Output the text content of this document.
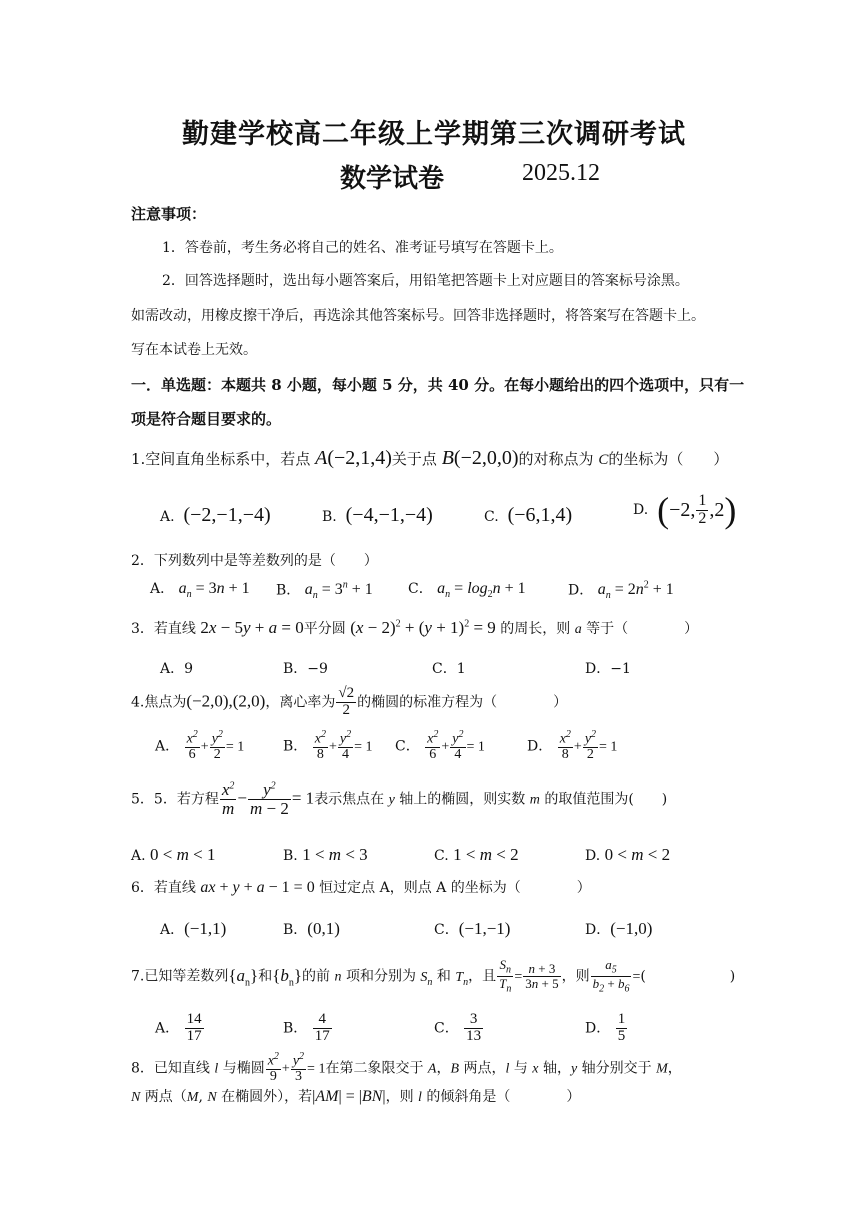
勤建学校高二年级上学期第三次调研考试
数学试卷	2025.12
注意事项：
1．答卷前，考生务必将自己的姓名、准考证号填写在答题卡上。
2．回答选择题时，选出每小题答案后，用铅笔把答题卡上对应题目的答案标号涂黑。
如需改动，用橡皮擦干净后，再选涂其他答案标号。回答非选择题时，将答案写在答题卡上。
写在本试卷上无效。
一．单选题：本题共 8 小题，每小题 5 分，共 40 分。在每小题给出的四个选项中，只有一
项是符合题目要求的。
1.空间直角坐标系中，若点 A(−2,1,4)关于点 B(−2,0,0)的对称点为 C的坐标为（　　）
A.  (−2,−1,−4)	B.  (−4,−1,−4)	C.  (−6,1,4)	D.  (−2, $\frac{1}{2} ,2$)
2．下列数列中是等差数列的是（　　）
A． $a_n = 3n + 1$ B． $a_n = 3^n + 1$	C． $a_n = \log_2n + 1$	D． $a_n = 2n^2 + 1$
3．若直线 2x − 5y + a = 0平分圆 $(x - 2)^2 + (y + 1)^2 = 9$ 的周长，则 a 等于（　　　　）
A．9	B．−9	C．1	D．−1
4.焦点为(−2,0),(2,0)，离心率为 $\frac{√2}{2}$ 的椭圆的标准方程为（　　　　）
A． $\frac{x^2}{6} + \frac{y^2}{2} = 1$	B． $\frac{x^2}{8} + \frac{y^2}{4} = 1$ C． $\frac{x^2}{6} + \frac{y^2}{4} = 1$	D． $\frac{x^2}{8} + \frac{y^2}{2} = 1$
5．5．若方程 $\frac{x^2}{m} - \frac{y^2}{m - 2} = 1$表示焦点在 y 轴上的椭圆，则实数 m 的取值范围为(　　)
A. 0 < m < 1	B. 1 < m < 3	C. 1 < m < 2	D. 0 < m < 2
6．若直线 ax + y + a − 1 = 0 恒过定点 A，则点 A 的坐标为（　　　　）
A．(−1,1)	B．(0,1)	C．(−1,−1)	D．(−1,0)
7.已知等差数列$\{a_n\}$和$\{b_n\}$的前 n 项和分别为 $S_n$ 和 $T_n$，且 $\frac{S_n}{T_n} = \frac{n + 3}{3n + 5}$ ，则 $\frac{a_5}{b_2 + b_6}$ =(　　　　　　)
A． $\frac{14}{17}$	B． $\frac{4}{17}$	C． $\frac{3}{13}$	D． $\frac{1}{5}$
8．已知直线 l 与椭圆 $\frac{x^2}{9} + \frac{y^2}{3} = 1$在第二象限交于 A，B 两点，l 与 x 轴，y 轴分别交于 M，
N 两点（M, N 在椭圆外），若|AM| = |BN|，则 l 的倾斜角是（　　　　）
